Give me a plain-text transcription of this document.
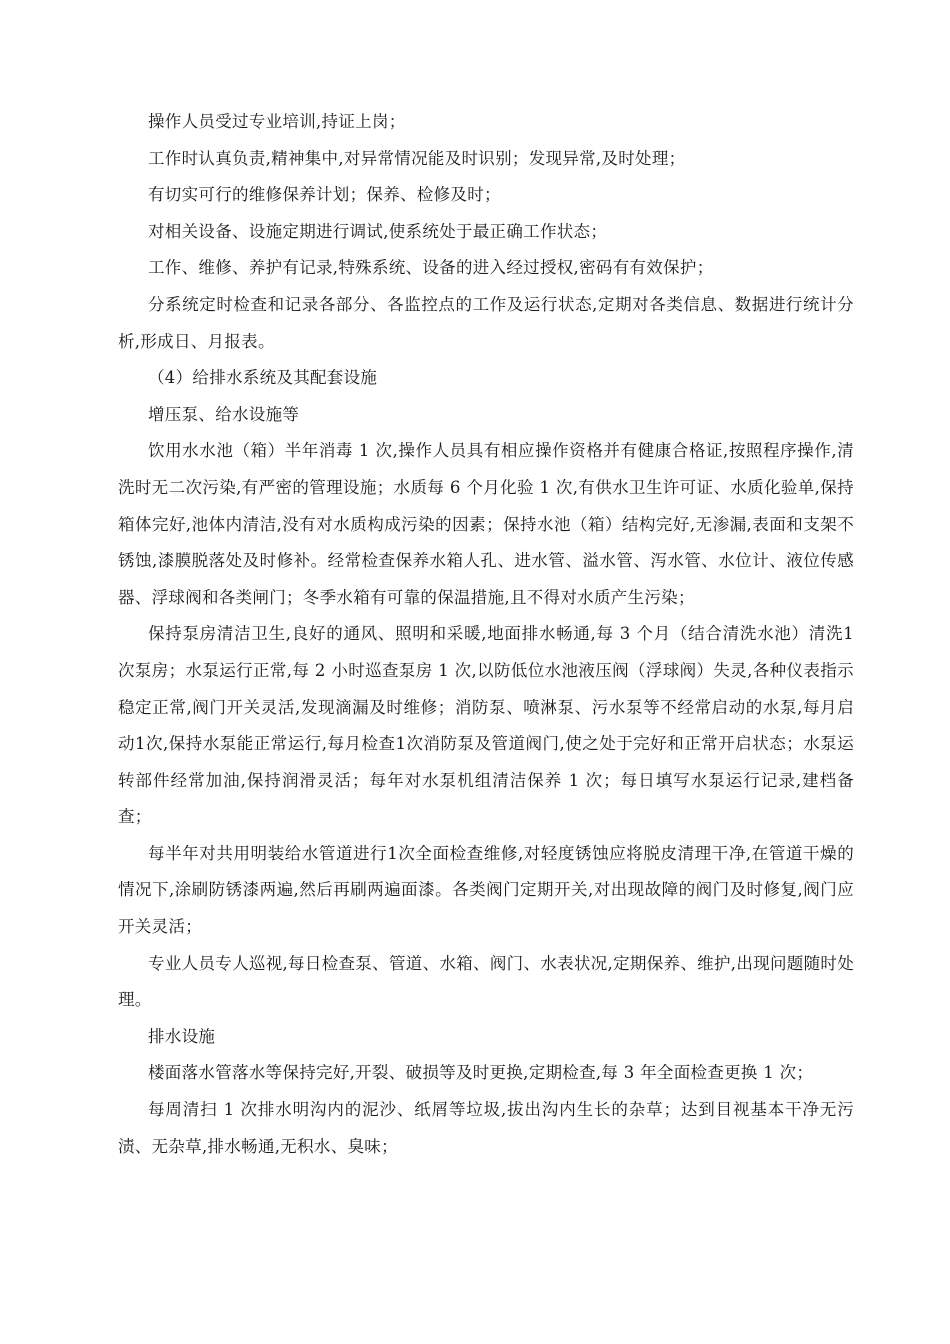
操作人员受过专业培训,持证上岗；

工作时认真负责,精神集中,对异常情况能及时识别；发现异常,及时处理；

有切实可行的维修保养计划；保养、检修及时；

对相关设备、设施定期进行调试,使系统处于最正确工作状态；

工作、维修、养护有记录,特殊系统、设备的进入经过授权,密码有有效保护；

分系统定时检查和记录各部分、各监控点的工作及运行状态,定期对各类信息、数据进行统计分析,形成日、月报表。

（4）给排水系统及其配套设施

增压泵、给水设施等

饮用水水池（箱）半年消毒 1 次,操作人员具有相应操作资格并有健康合格证,按照程序操作,清洗时无二次污染,有严密的管理设施；水质每 6 个月化验 1 次,有供水卫生许可证、水质化验单,保持箱体完好,池体内清洁,没有对水质构成污染的因素；保持水池（箱）结构完好,无渗漏,表面和支架不锈蚀,漆膜脱落处及时修补。经常检查保养水箱人孔、进水管、溢水管、泻水管、水位计、液位传感器、浮球阀和各类闸门；冬季水箱有可靠的保温措施,且不得对水质产生污染；

保持泵房清洁卫生,良好的通风、照明和采暖,地面排水畅通,每 3 个月（结合清洗水池）清洗1 次泵房；水泵运行正常,每 2 小时巡查泵房 1 次,以防低位水池液压阀（浮球阀）失灵,各种仪表指示稳定正常,阀门开关灵活,发现滴漏及时维修；消防泵、喷淋泵、污水泵等不经常启动的水泵,每月启动1次,保持水泵能正常运行,每月检查1次消防泵及管道阀门,使之处于完好和正常开启状态；水泵运转部件经常加油,保持润滑灵活；每年对水泵机组清洁保养 1 次；每日填写水泵运行记录,建档备查；

每半年对共用明装给水管道进行1次全面检查维修,对轻度锈蚀应将脱皮清理干净,在管道干燥的情况下,涂刷防锈漆两遍,然后再刷两遍面漆。各类阀门定期开关,对出现故障的阀门及时修复,阀门应开关灵活；

专业人员专人巡视,每日检查泵、管道、水箱、阀门、水表状况,定期保养、维护,出现问题随时处理。

排水设施

楼面落水管落水等保持完好,开裂、破损等及时更换,定期检查,每 3 年全面检查更换 1 次；

每周清扫 1 次排水明沟内的泥沙、纸屑等垃圾,拔出沟内生长的杂草；达到目视基本干净无污渍、无杂草,排水畅通,无积水、臭味；
